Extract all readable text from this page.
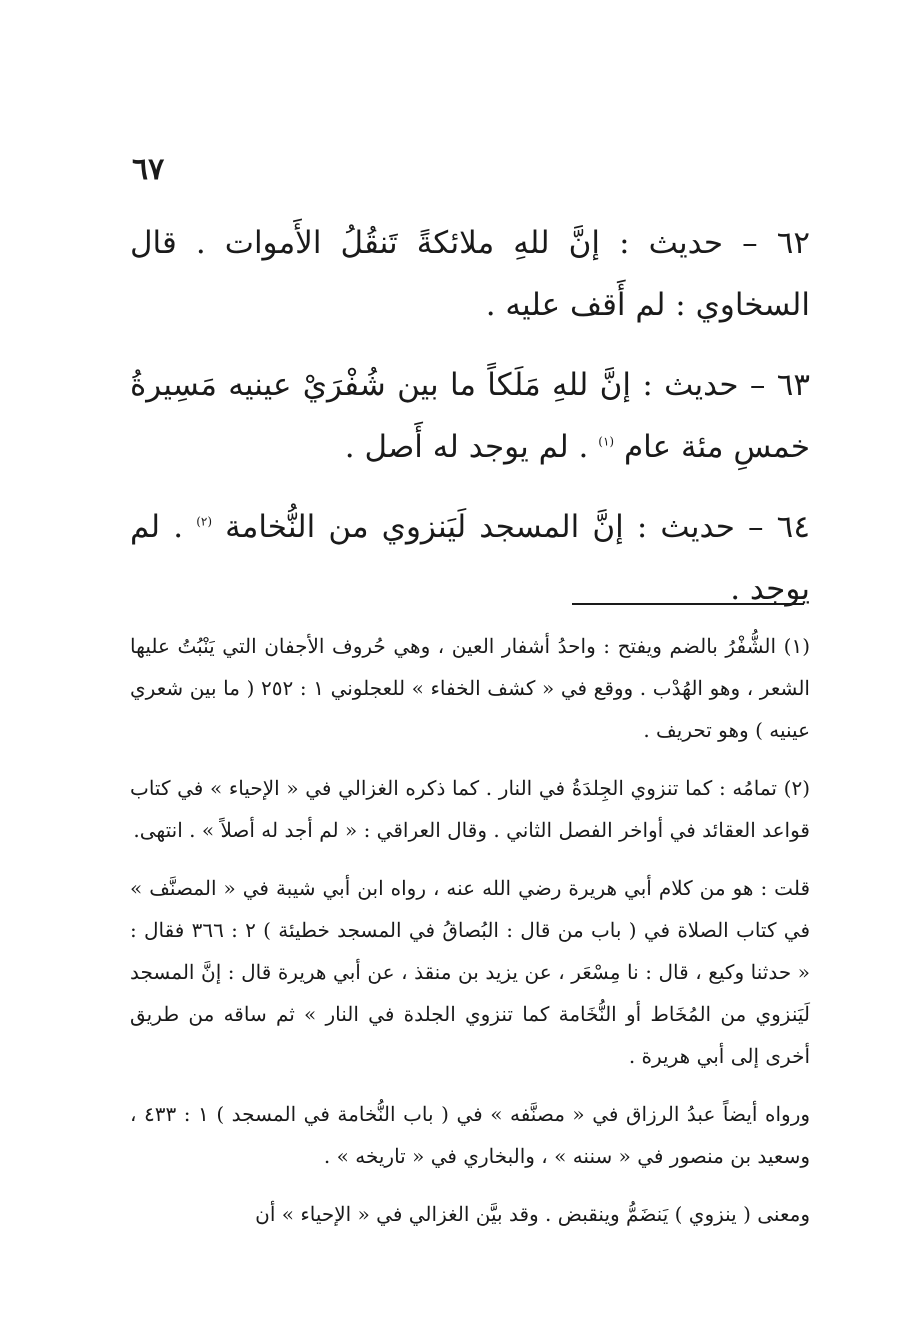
٦٧

٦٢ – حديث : إنَّ للهِ ملائكةً تَنقُلُ الأَموات . قال السخاوي : لم أَقف عليه .

٦٣ – حديث : إنَّ للهِ مَلَكاً ما بين شُفْرَيْ عينيه مَسِيرةُ خمسِ مئة عام $^{(١)}$ . لم يوجد له أَصل .

٦٤ – حديث : إنَّ المسجد لَيَنزوي من النُّخامة $^{(٢)}$ . لم يوجد .

(١) الشُّفْرُ بالضم ويفتح : واحدُ أشفار العين ، وهي حُروف الأجفان التي يَنْبُتُ عليها الشعر ، وهو الهُدْب . ووقع في « كشف الخفاء » للعجلوني ١ : ٢٥٢ ( ما بين شعري عينيه ) وهو تحريف .

(٢) تمامُه : كما تنزوي الجِلدَةُ في النار . كما ذكره الغزالي في « الإحياء » في كتاب قواعد العقائد في أواخر الفصل الثاني . وقال العراقي : « لم أجد له أصلاً » . انتهى.

قلت : هو من كلام أبي هريرة رضي الله عنه ، رواه ابن أبي شيبة في « المصنَّف » في كتاب الصلاة في ( باب من قال : البُصاقُ في المسجد خطيئة ) ٢ : ٣٦٦ فقال : « حدثنا وكيع ، قال : نا مِسْعَر ، عن يزيد بن منقذ ، عن أبي هريرة قال : إنَّ المسجد لَيَنزوي من المُخَاط أو النُّخَامة كما تنزوي الجلدة في النار » ثم ساقه من طريق أخرى إلى أبي هريرة .

ورواه أيضاً عبدُ الرزاق في « مصنَّفه » في ( باب النُّخامة في المسجد ) ١ : ٤٣٣ ، وسعيد بن منصور في « سننه » ، والبخاري في « تاريخه » .

ومعنى ( ينزوي ) يَنضَمُّ وينقبض . وقد بيَّن الغزالي في « الإحياء » أن
